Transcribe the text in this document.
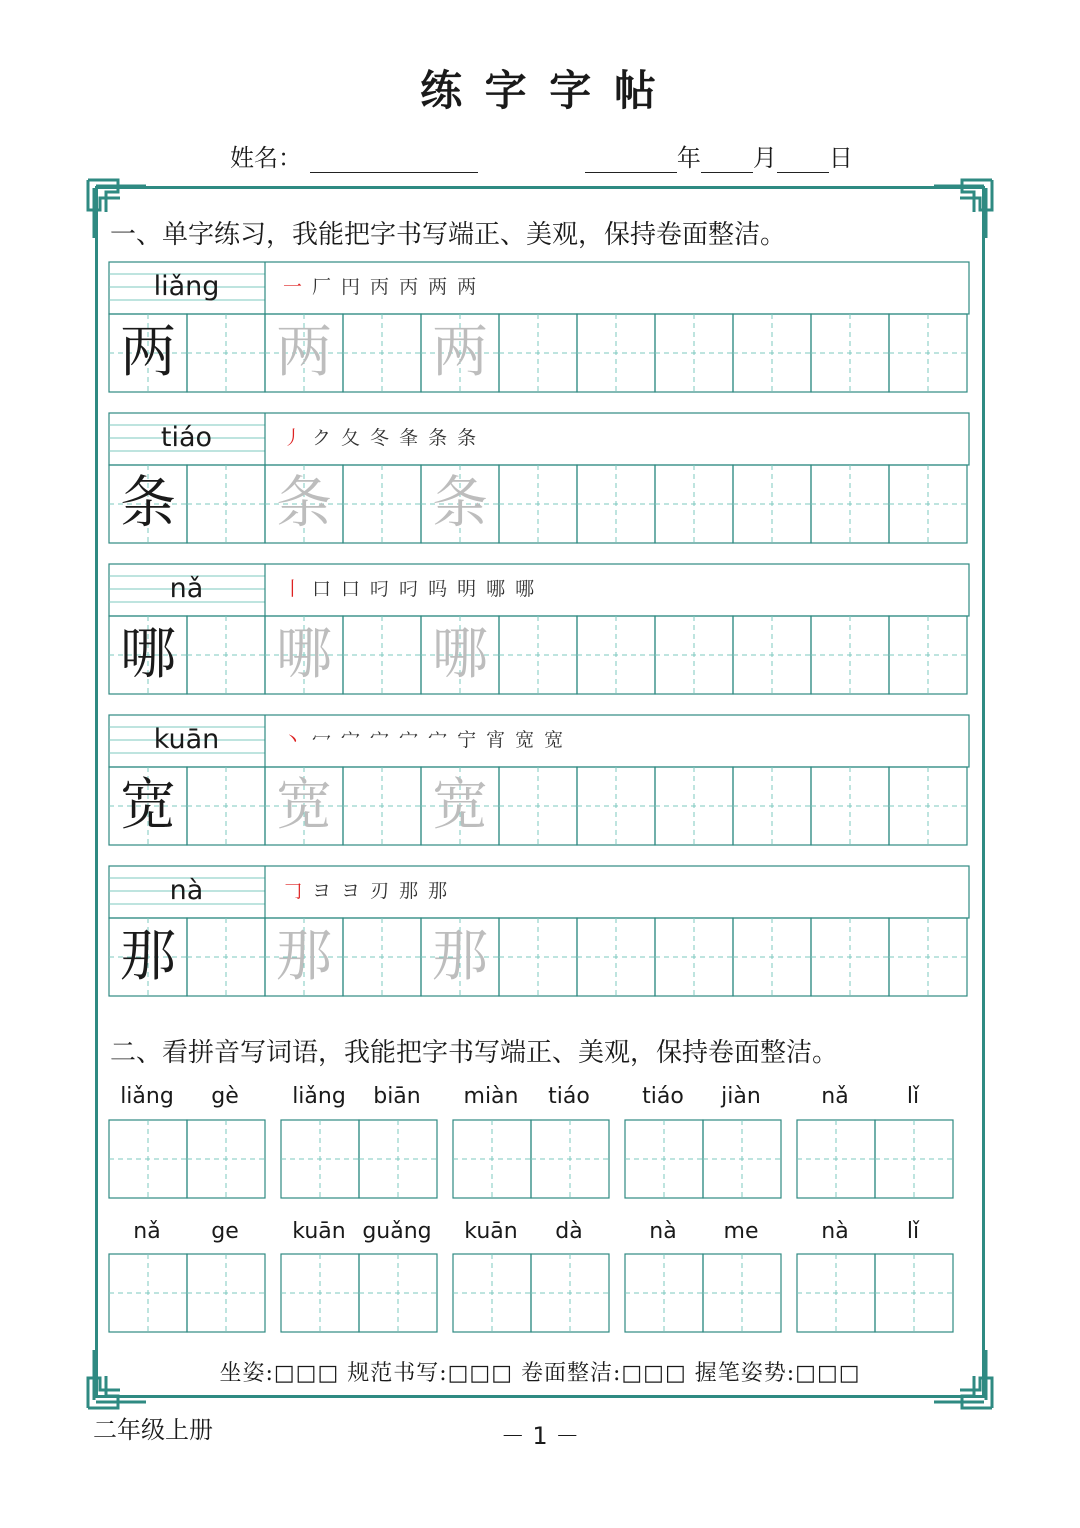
练 字 字 帖
姓名：	年 月 日
一、单字练习，我能把字书写端正、美观，保持卷面整洁。
liǎng	一 厂 円 丙 丙 两 两
两 两 两
tiáo	丿 ク 夂 冬 夆 条 条
条 条 条
nǎ	丨 口 口 叼 叼 吗 明 哪 哪
哪 哪 哪
kuān	丶 冖 宀 宀 宀 宀 宁 宵 宽 宽
宽 宽 宽
nà	𠃌 ヨ ヨ 刃 那 那
那 那 那
二、看拼音写词语，我能把字书写端正、美观，保持卷面整洁。
liǎng	gè	liǎng	biān	miàn	tiáo	tiáo	jiàn	nǎ	lǐ
nǎ	ge	kuān guǎng	kuān	dà	nà	me	nà	lǐ
坐姿:□□□ 规范书写:□□□ 卷面整洁:□□□ 握笔姿势:□□□
二年级上册	－ 1 －
